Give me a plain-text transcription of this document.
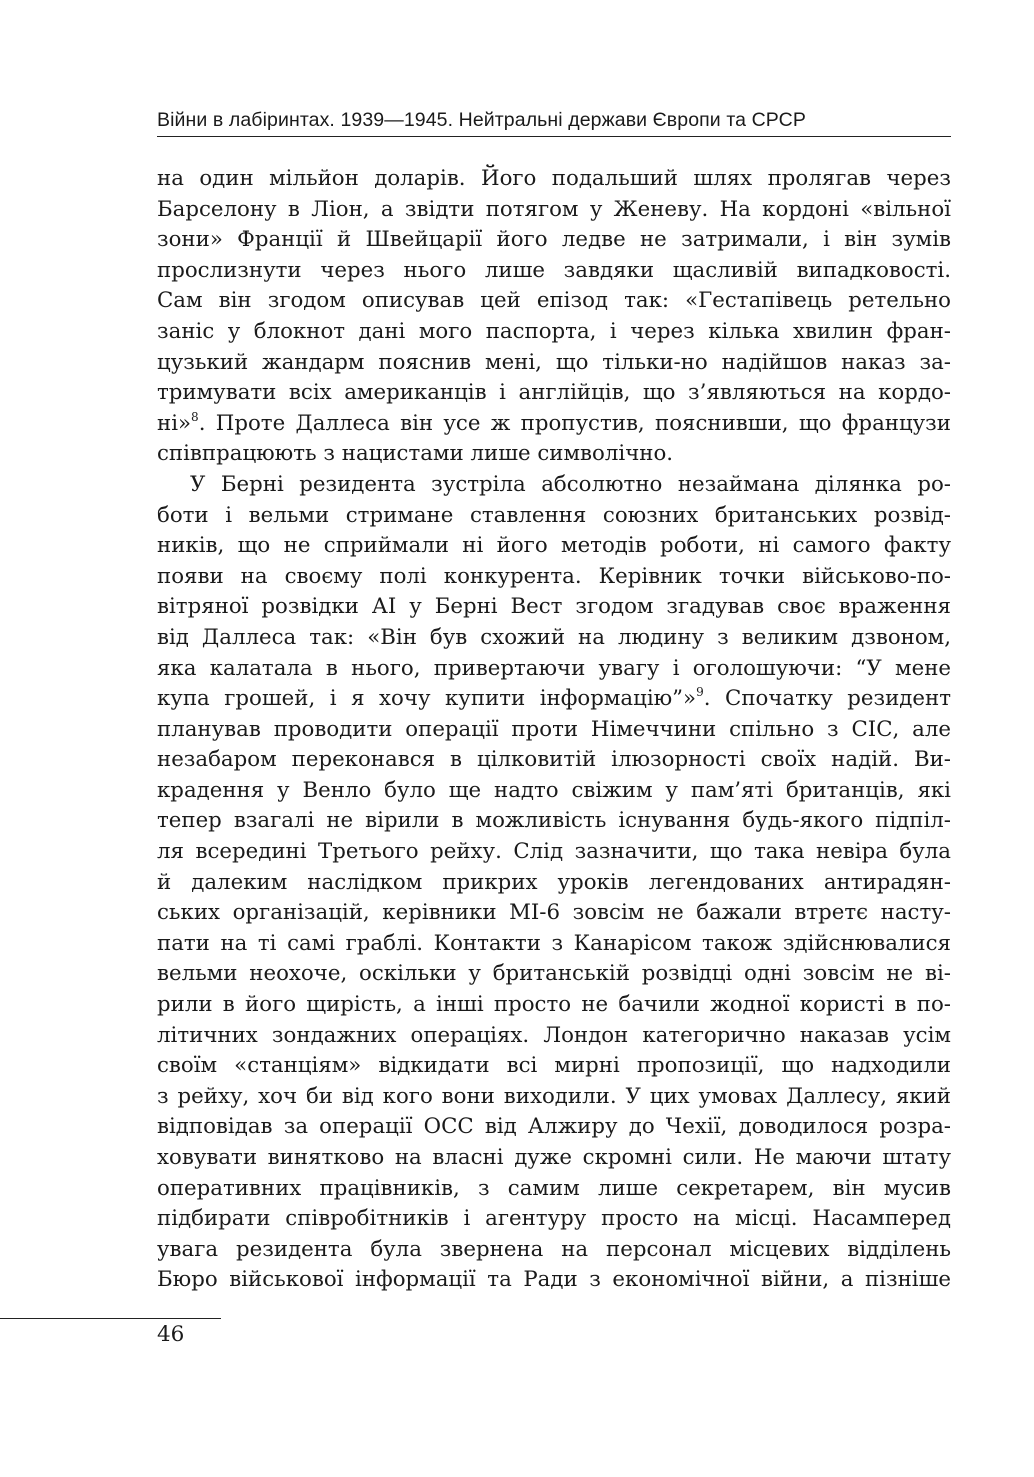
Війни в лабіринтах. 1939—1945. Нейтральні держави Європи та СРСР
на один мільйон доларів. Його подальший шлях пролягав через
Барселону в Ліон, а звідти потягом у Женеву. На кордоні «вільної
зони» Франції й Швейцарії його ледве не затримали, і він зумів
прослизнути через нього лише завдяки щасливій випадковості.
Сам він згодом описував цей епізод так: «Гестапівець ретельно
заніс у блокнот дані мого паспорта, і через кілька хвилин фран-
цузький жандарм пояснив мені, що тільки-но надійшов наказ за-
тримувати всіх американців і англійців, що з’являються на кордо-
ні»$^8$. Проте Даллеса він усе ж пропустив, пояснивши, що французи
співпрацюють з нацистами лише символічно.
У Берні резидента зустріла абсолютно незаймана ділянка ро-
боти і вельми стримане ставлення союзних британських розвід-
ників, що не сприймали ні його методів роботи, ні самого факту
появи на своєму полі конкурента. Керівник точки військово-по-
вітряної розвідки АІ у Берні Вест згодом згадував своє враження
від Даллеса так: «Він був схожий на людину з великим дзвоном,
яка калатала в нього, привертаючи увагу і оголошуючи: “У мене
купа грошей, і я хочу купити інформацію”»$^9$. Спочатку резидент
планував проводити операції проти Німеччини спільно з СІС, але
незабаром переконався в цілковитій ілюзорності своїх надій. Ви-
крадення у Венло було ще надто свіжим у пам’яті британців, які
тепер взагалі не вірили в можливість існування будь-якого підпіл-
ля всередині Третього рейху. Слід зазначити, що така невіра була
й далеким наслідком прикрих уроків легендованих антирадян-
ських організацій, керівники МІ-6 зовсім не бажали втретє насту-
пати на ті самі граблі. Контакти з Канарісом також здійснювалися
вельми неохоче, оскільки у британській розвідці одні зовсім не ві-
рили в його щирість, а інші просто не бачили жодної користі в по-
літичних зондажних операціях. Лондон категорично наказав усім
своїм «станціям» відкидати всі мирні пропозиції, що надходили
з рейху, хоч би від кого вони виходили. У цих умовах Даллесу, який
відповідав за операції ОСС від Алжиру до Чехії, доводилося розра-
ховувати винятково на власні дуже скромні сили. Не маючи штату
оперативних працівників, з самим лише секретарем, він мусив
підбирати співробітників і агентуру просто на місці. Насамперед
увага резидента була звернена на персонал місцевих відділень
Бюро військової інформації та Ради з економічної війни, а пізніше
46
